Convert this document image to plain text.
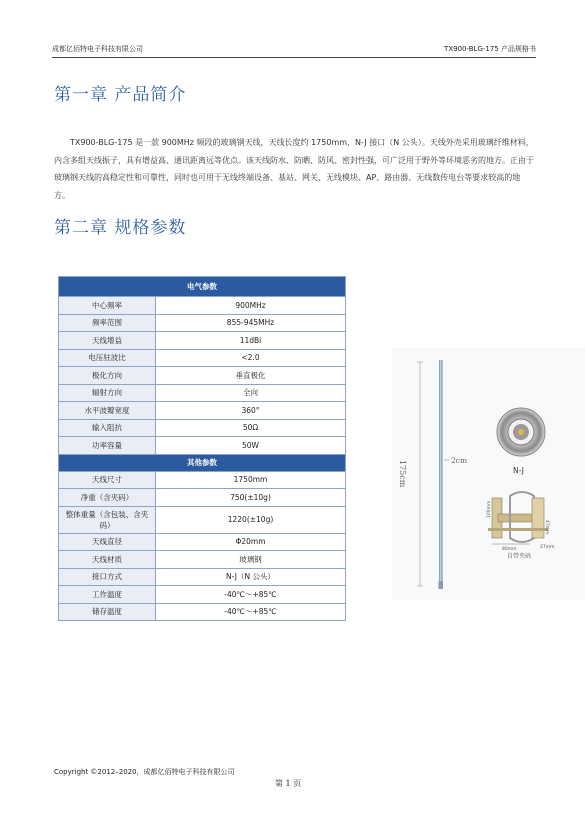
成都亿佰特电子科技有限公司	TX900-BLG-175 产品规格书
第一章 产品简介

TX900-BLG-175 是一款 900MHz 频段的玻璃钢天线，天线长度约 1750mm，N-J 接口（N 公头）。天线外壳采用玻璃纤维材料，内含多组天线振子，具有增益高、通讯距离远等优点。该天线防水、防晒、防风、密封性强，可广泛用于野外等环境恶劣的地方。正由于玻璃钢天线的高稳定性和可靠性，同时也可用于无线终端设备、基站、网关、无线模块、AP、路由器、无线数传电台等要求较高的地方。

第二章 规格参数
电气参数	
中心频率	900MHz
频率范围	855-945MHz
天线增益	11dBi
电压驻波比	<2.0
极化方向	垂直极化
辐射方向	全向
水平波瓣宽度	360°
输入阻抗	50Ω
功率容量	50W
其他参数	
天线尺寸	1750mm
净重（含夹码）	750(±10g)
整体重量（含包装、含夹码）	1220(±10g)
天线直径	Φ20mm
天线材质	玻璃钢
接口方式	N-J（N 公头）
工作温度	-40℃～+85℃
储存温度	-40℃～+85℃
175cm	2cm
N-J
80mm	27mm
47mm
100mm
自带夹码
Copyright ©2012–2020，成都亿佰特电子科技有限公司
第 1 页
